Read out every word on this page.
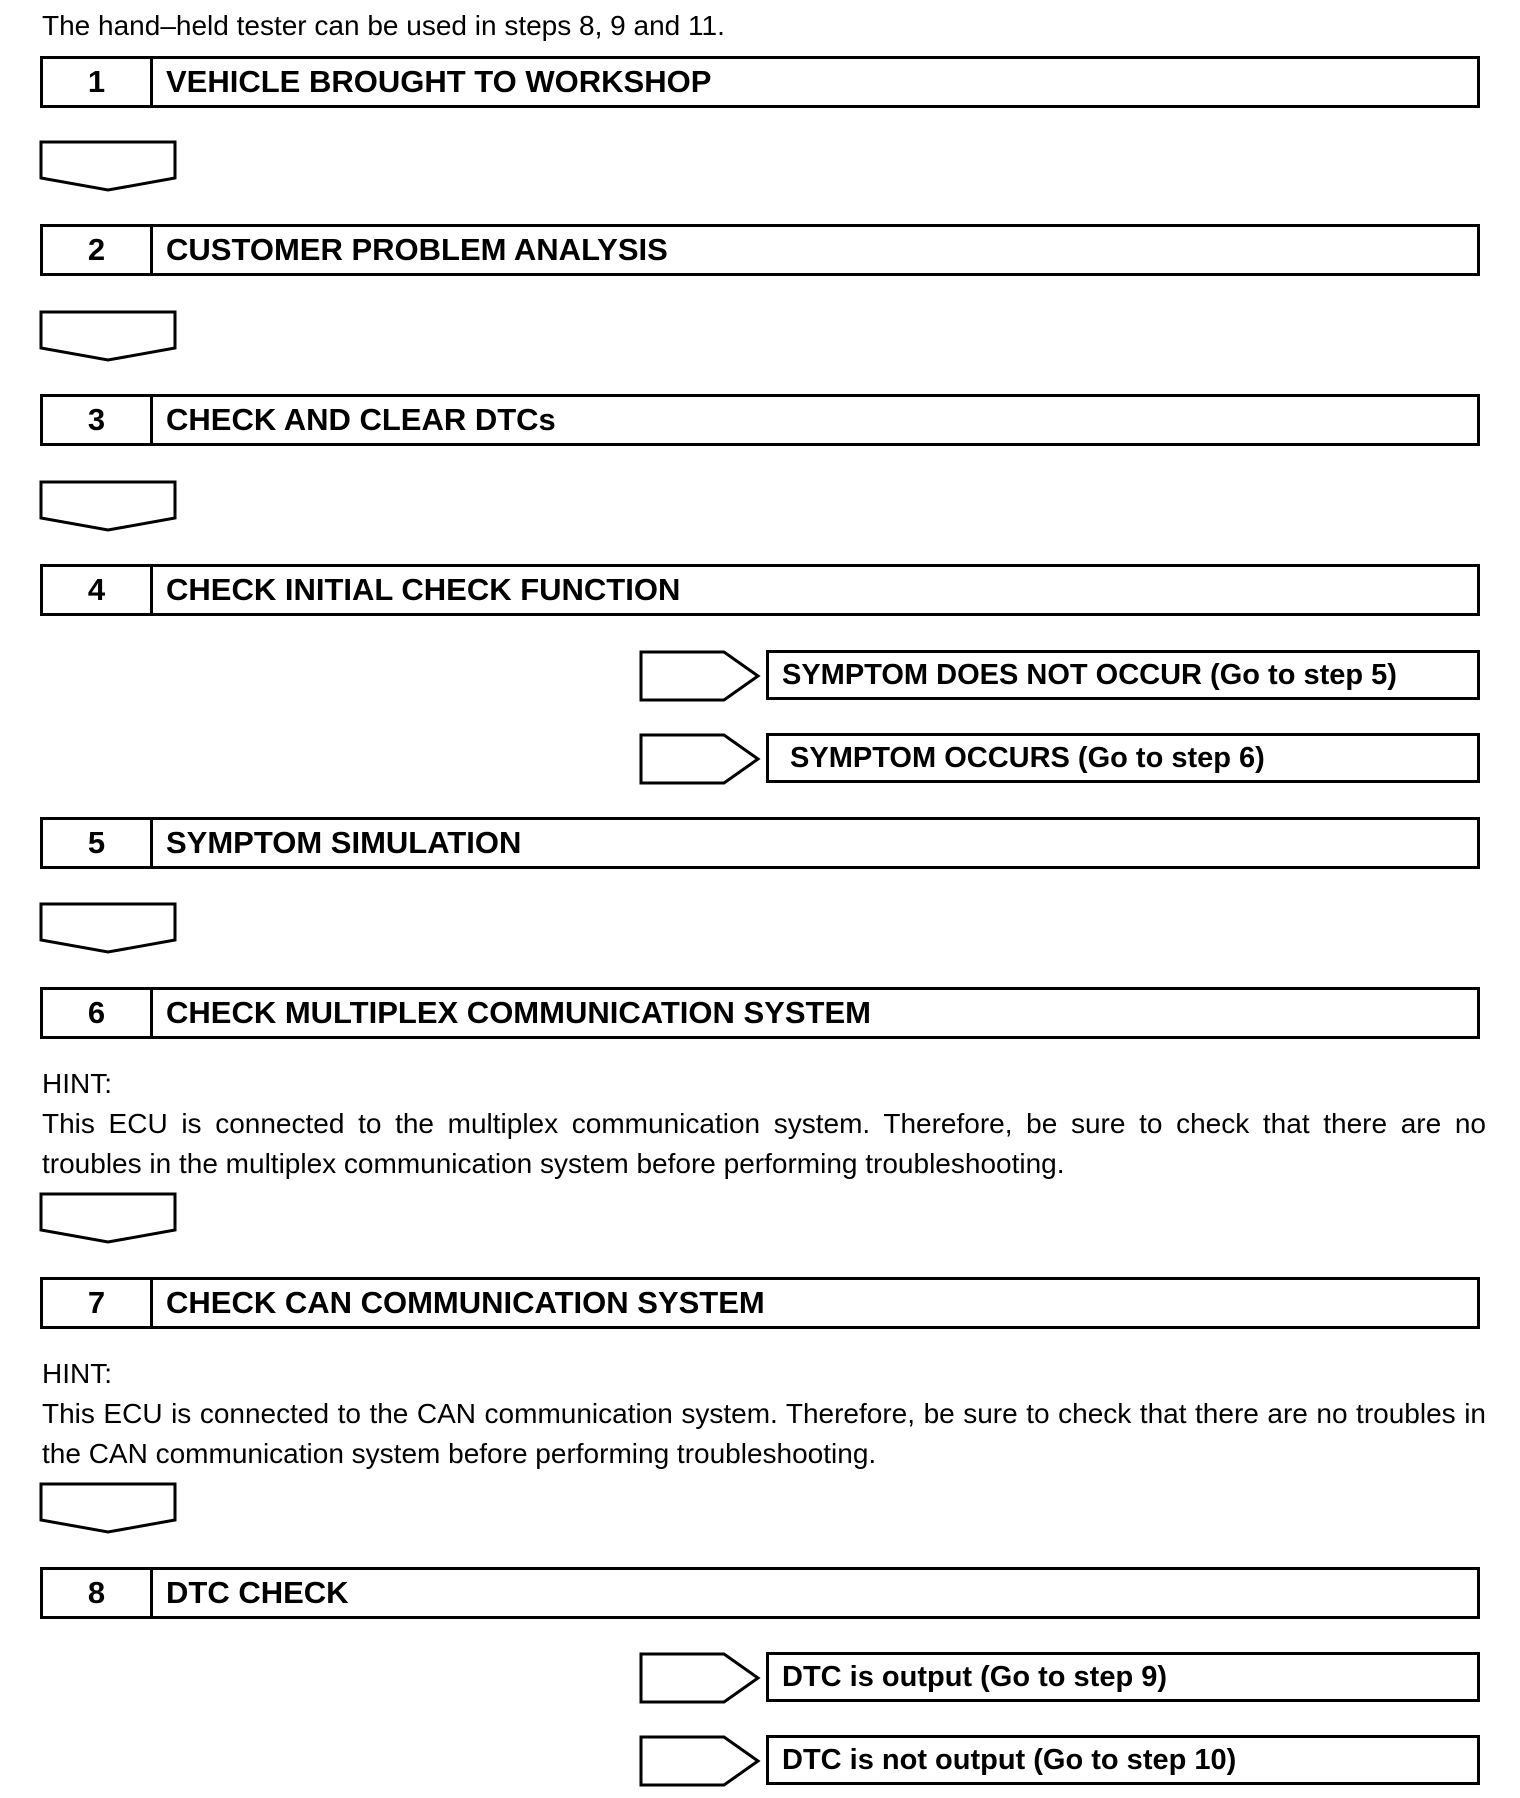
The hand–held tester can be used in steps 8, 9 and 11.
1	VEHICLE BROUGHT TO WORKSHOP
2	CUSTOMER PROBLEM ANALYSIS
3	CHECK AND CLEAR DTCs
4	CHECK INITIAL CHECK FUNCTION
SYMPTOM DOES NOT OCCUR (Go to step 5)
SYMPTOM OCCURS (Go to step 6)
5	SYMPTOM SIMULATION
6	CHECK MULTIPLEX COMMUNICATION SYSTEM
HINT:
This ECU is connected to the multiplex communication system. Therefore, be sure to check that there are no troubles in the multiplex communication system before performing troubleshooting.
7	CHECK CAN COMMUNICATION SYSTEM
HINT:
This ECU is connected to the CAN communication system. Therefore, be sure to check that there are no troubles in the CAN communication system before performing troubleshooting.
8	DTC CHECK
DTC is output (Go to step 9)
DTC is not output (Go to step 10)
